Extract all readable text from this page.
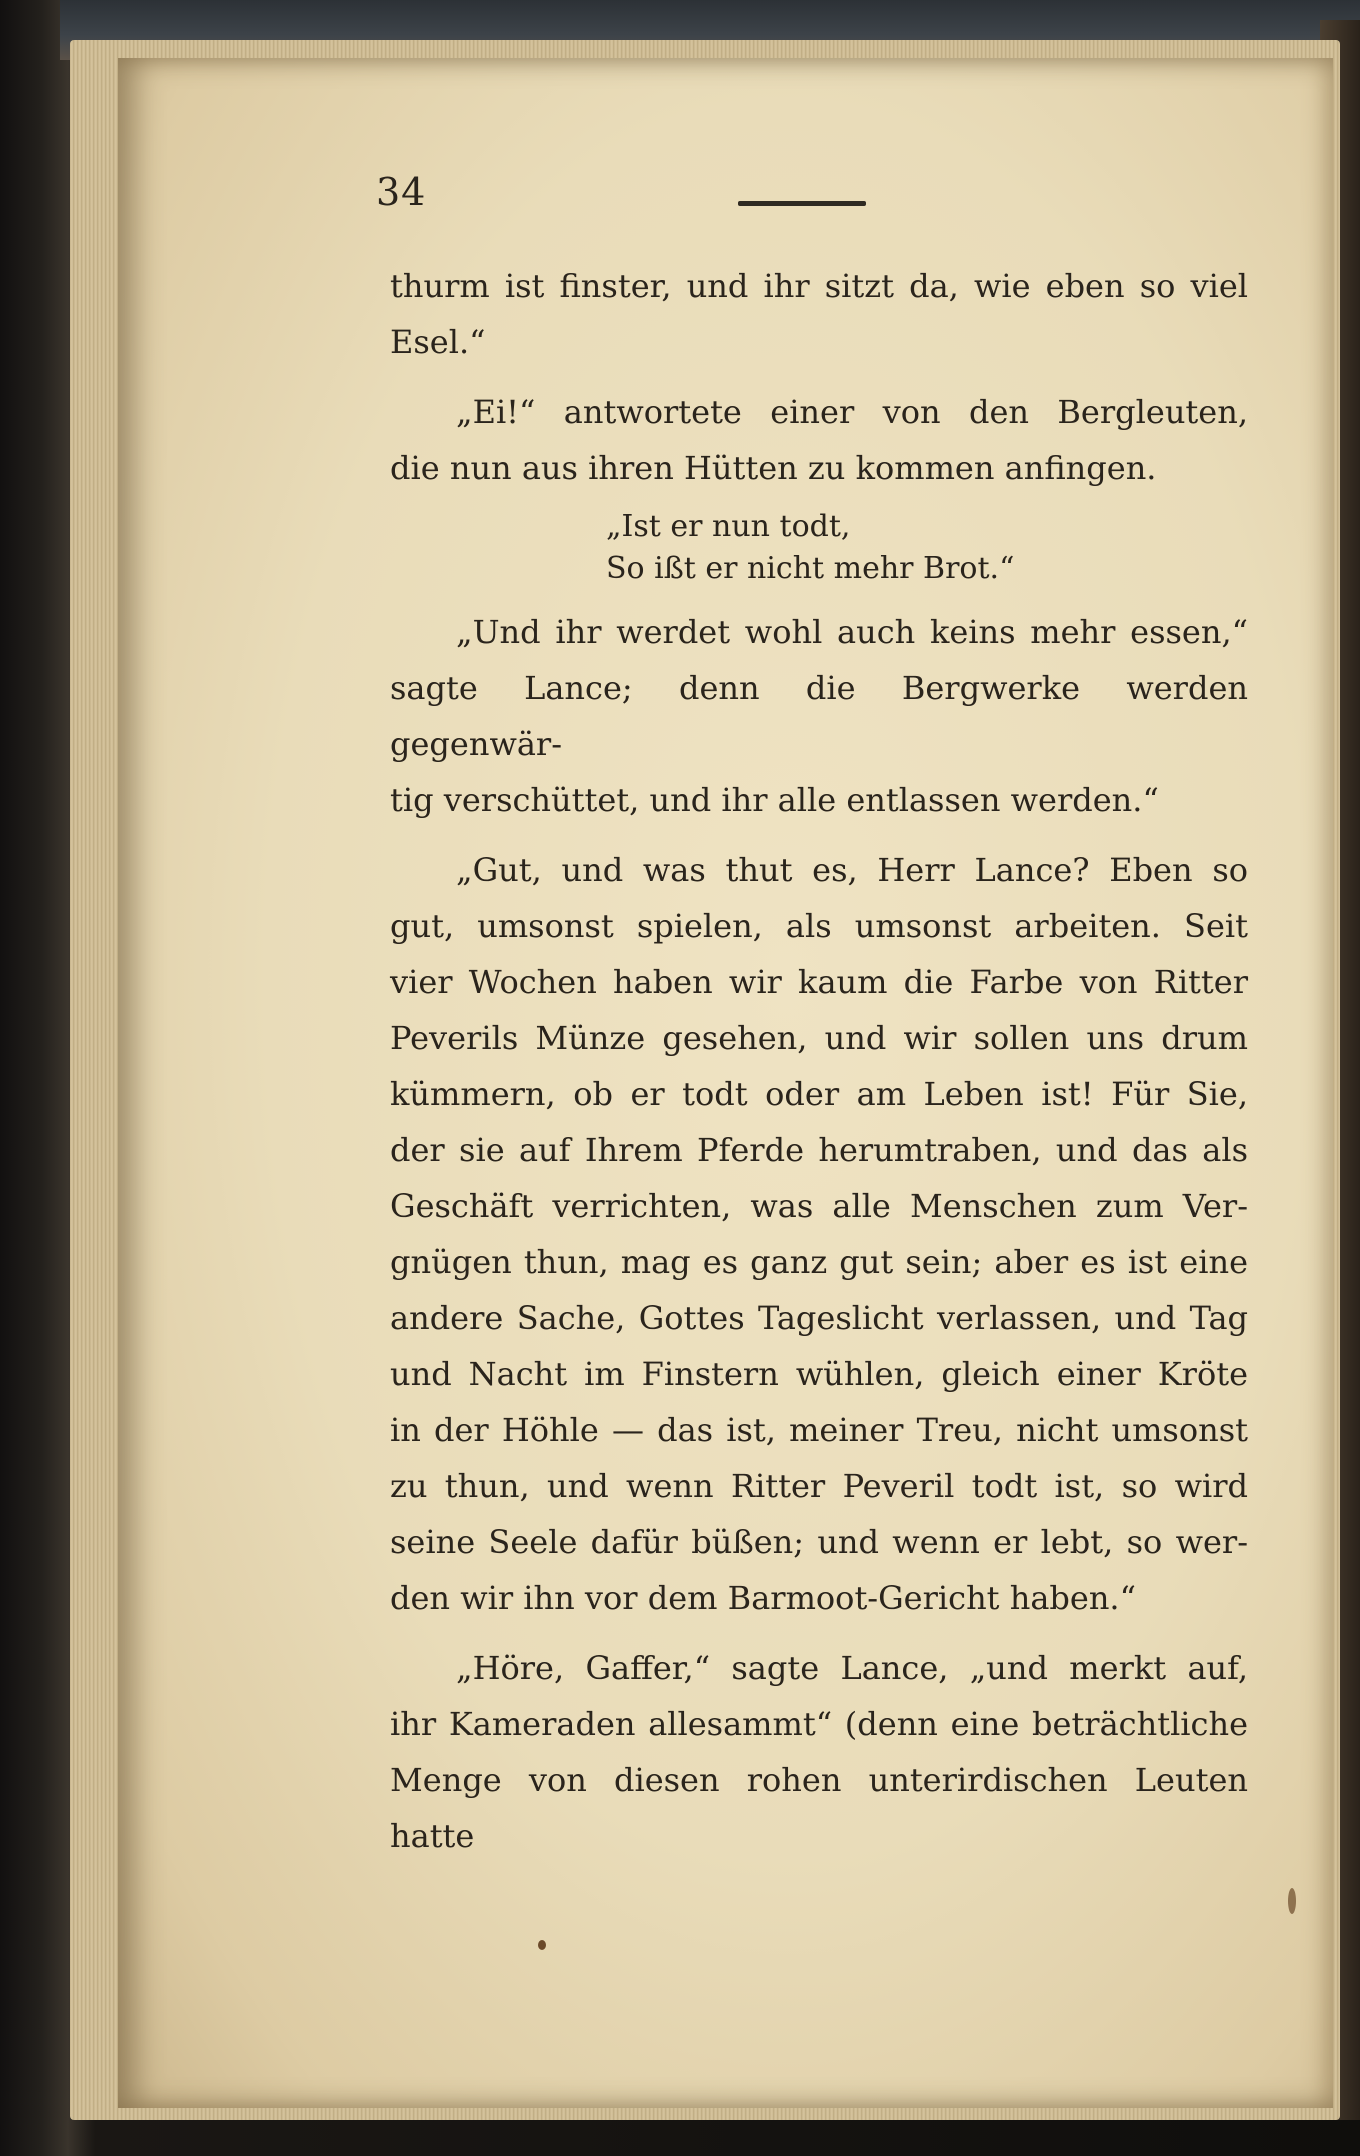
34
thurm ist finster, und ihr sitzt da, wie eben so viel
Esel.“
„Ei!“ antwortete einer von den Bergleuten,
die nun aus ihren Hütten zu kommen anfingen.
„Ist er nun todt,
So ißt er nicht mehr Brot.“
„Und ihr werdet wohl auch keins mehr essen,“
sagte Lance; denn die Bergwerke werden gegenwär-
tig verschüttet, und ihr alle entlassen werden.“
„Gut, und was thut es, Herr Lance? Eben so
gut, umsonst spielen, als umsonst arbeiten. Seit
vier Wochen haben wir kaum die Farbe von Ritter
Peverils Münze gesehen, und wir sollen uns drum
kümmern, ob er todt oder am Leben ist! Für Sie,
der sie auf Ihrem Pferde herumtraben, und das als
Geschäft verrichten, was alle Menschen zum Ver-
gnügen thun, mag es ganz gut sein; aber es ist eine
andere Sache, Gottes Tageslicht verlassen, und Tag
und Nacht im Finstern wühlen, gleich einer Kröte
in der Höhle — das ist, meiner Treu, nicht umsonst
zu thun, und wenn Ritter Peveril todt ist, so wird
seine Seele dafür büßen; und wenn er lebt, so wer-
den wir ihn vor dem Barmoot-Gericht haben.“
„Höre, Gaffer,“ sagte Lance, „und merkt auf,
ihr Kameraden allesammt“ (denn eine beträchtliche
Menge von diesen rohen unterirdischen Leuten hatte
